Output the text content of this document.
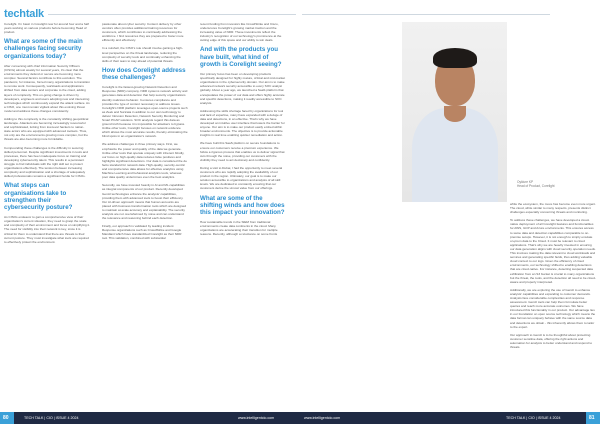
techtalk

Corelight. I'm basic in Corelight now for around four and a half years working on various products before becoming Head of product.

What are some of the main challenges facing security organizations today?

After conversing with chief information Security Officers (CISOs) almost weekly for several years, it's clear that the environments they defend or secure are becoming more complex. Several factors contribute to this evolution. The pandemic, for instance, forced many organizations to transition to remote work. Consequently, workloads and applications shifted from data centers and corporate to the cloud, adding layers of complexity. This on-going change is driven by developers, engineers and users adopting new and interesting technologies which continuously expand the attack surface. As a CISO, one must remain vigilant about this evolving threat model and address these changes consistently.

Adding to this complexity is the constantly shifting geopolitical landscape. Attackers are becoming increasingly resourceful and sophisticated, lurking from low-level hackers to nation-state actors who are equipped with advanced toolsets. Thus, not only are the environments growing more complex, but the threats are also becoming more formidable.

Compounding these challenges is the difficulty in securing skilled personnel. Despite significant investments in tools and processes, there has been inadequate focus on training and developing cybersecurity talent. This results in a persistent struggle to find individuals with the right skill set to protect organizations effectively. The tension between increasing complexity and sophistication and a shortage of adequately skilled professionals remains a significant hurdle for CISOs.

What steps can organisations take to strengthen their cybersecurity posture?

As CISOs endeavor to gain a comprehensive view of their organization's current situation, they need to grasp the scale and complexity of their environment and focus on simplifying it. The need for visibility into their network is key, since it is critical for them to understand that there are threats to their current posture. They must investigate what tools are required to effectively protect the environment.

passionate about cyber security. Content delivery by other vendors often provides additional training resources for customers, which contributes to continually addressing the workforce. I find resources they are prepared to foster more efficiently and effectively.

In a nutshell, the CISO's role should involve gaining a high-level perspective on the threat landscape, reducing the complexity of security tools and continually enhancing the skills of their team to stay ahead of potential threats.

How does Corelight address these challenges?

Corelight is the fastest-growing Network Detection and Response (NDR) company. NDR systems network activity and generates data and detection that help security organizations identify malicious behavior. It ensures compliance and provides the type of context necessary to address issues. Corelight's NDR platform leverages open-source projects such as Zeek and Suricata in addition to our own technology to deliver Intrusion Detection, Network Security Monitoring and Smart PCAP solutions. SOC analysts regard this data as ground truth because it is impossible for attackers to bypass. Unlike other tools, Corelight focuses on network evidence which allows the most accurate results, thereby eliminating the blind spots in an organization's network.

We address challenges in three primary ways. First, we emphasize the power and quality of the data we generate. Unlike other tools that operate uniquely with inherent blindly, our focus on high-quality data reduces false positives and highlights significant detections. Our data is considered the de facto standard for network data. High-quality, security-centric and comprehensive data allows for effective analytics using Machine Learning and behavioral analytics tools, whereas poor data quality undermines even the best analytics.

Secondly, we have invested heavily in AI and ML capabilities as integral components of our product. Recently developed GenAI technologies enhance the analysts' capabilities, providing them with advanced tools to boost their efficiency. Our AI-driven approach means that human accounts are placed with business transformation tools which are designed to maintain at-scale accuracy and explainability. The security analysts are not overwhelmed by noise and can understand the relevance and reasoning behind each detection.

Finally, our approach is validated by leading incident Response organizations such as CrowdStrike and Google Mandiant which have standardized Corelight as their NDR tool. This validation, combined with substantial

recent funding from investors like CrowdStrike and Cisco, underscores Corelight's growing market traction and the increasing value of NDR. These investments reflect the industry's recognition of our technology's prominence at the cutting edge of this space and our ability to win deals.

And with the products you have built, what kind of growth is Corelight seeing?

Our primary focus has been on developing products specifically designed for highly mature, critical and mid-market organizations in the cybersecurity domain. Our aim is to make advanced network security accessible to every SOC analyst globally. About a year ago, we launched a SaaS platform that encapsulates the power of our data and offers highly accurate and specific detections, making it readily accessible to SOC analysts.

Addressing the skills shortage faced by organizations for tool and lack of expertise, many have expanded with a deluge of data and detections, in an effective. That's why we have developed an intuitive user interface that lowers the barrier for anyone. Our aim is to make our product easily embed within broader environments. The objective is to provide actionable insights in real time enabling quicker remediation and action.

We have built this SaaS platform on secure foundations to ensure our customers receive a premium experience. We follow a rigorous process that enables us to deliver signal that cuts through the noise, providing our customers with the visibility they need to act decisively and confidently.

During a visit to Dubai, I had the opportunity to meet several customers who are rapidly adopting the availability of our product in the region. Ultimately, our goal is to make our solution accessible to organizations and analysts of all skill levels. We are dedicated to constantly ensuring that our customers derive the utmost value from our offerings.

What are some of the shifting winds and how does this impact your innovation?

How sustainable trends in the SIEM from traditional environments create data continents in the cloud. Many organizations are accelerating their transition for multiple reasons. Recently, although a reluctance on some fronts

80	TECH TALK | CIO | ISSUE 4 2024	www.intelligentcio.com	www.intelligentcio.com	TECH TALK | CIO | ISSUE 4 2024	81
Oyklure KP
Head of Product, Corelight

while the ecosystem, the move has become even more urgent. The cloud, while similar to many respects, presents distinct challenges especially concerning threats and monitoring.

To address these challenges, we have developed a cloud-native deployment of all Corelight features and functionalities for AWS, GCP and Azure environments. This ensures access to same data and detection capabilities comparable to on-premise setups. However, it is not enough to simply emulate on-prem data to the Cloud. It must be relevant to cloud applications. That's why we are heavily invested in ensuring our data generation aligns with cloud security operation needs. This involves making the data relevant to cloud workloads and services and generating specific fields, thus adding valuable cloud context to our logs. Given the efficiency of cloud environments, our technology shifted to enabling detections that are cloud-native. For instance, detecting suspected data exfiltration from an S3 bucket is crucial to many organizations but the threat, the tools, and the detection all need to be cloud-aware and properly interpreted.

Additionally, we are exploring the use of GenAI to enhance analysts' capabilities and expanding to customer demands. Analysts face considerable complexities and response assessment. GenAI tools can help them formulate better queries and reach more accurate outcomes. We have introduced this functionality in our product. Our advantage lies in our foundation on open source technology which means the data format can uniquely behave with the same source data and detections we obtain - this inherently allows them to tailor to the expert.

Our approach to GenAI is to be thoughtful about protecting customer sensitive data, offering the right actions and automation for analysts to better understand and respond to threats.
